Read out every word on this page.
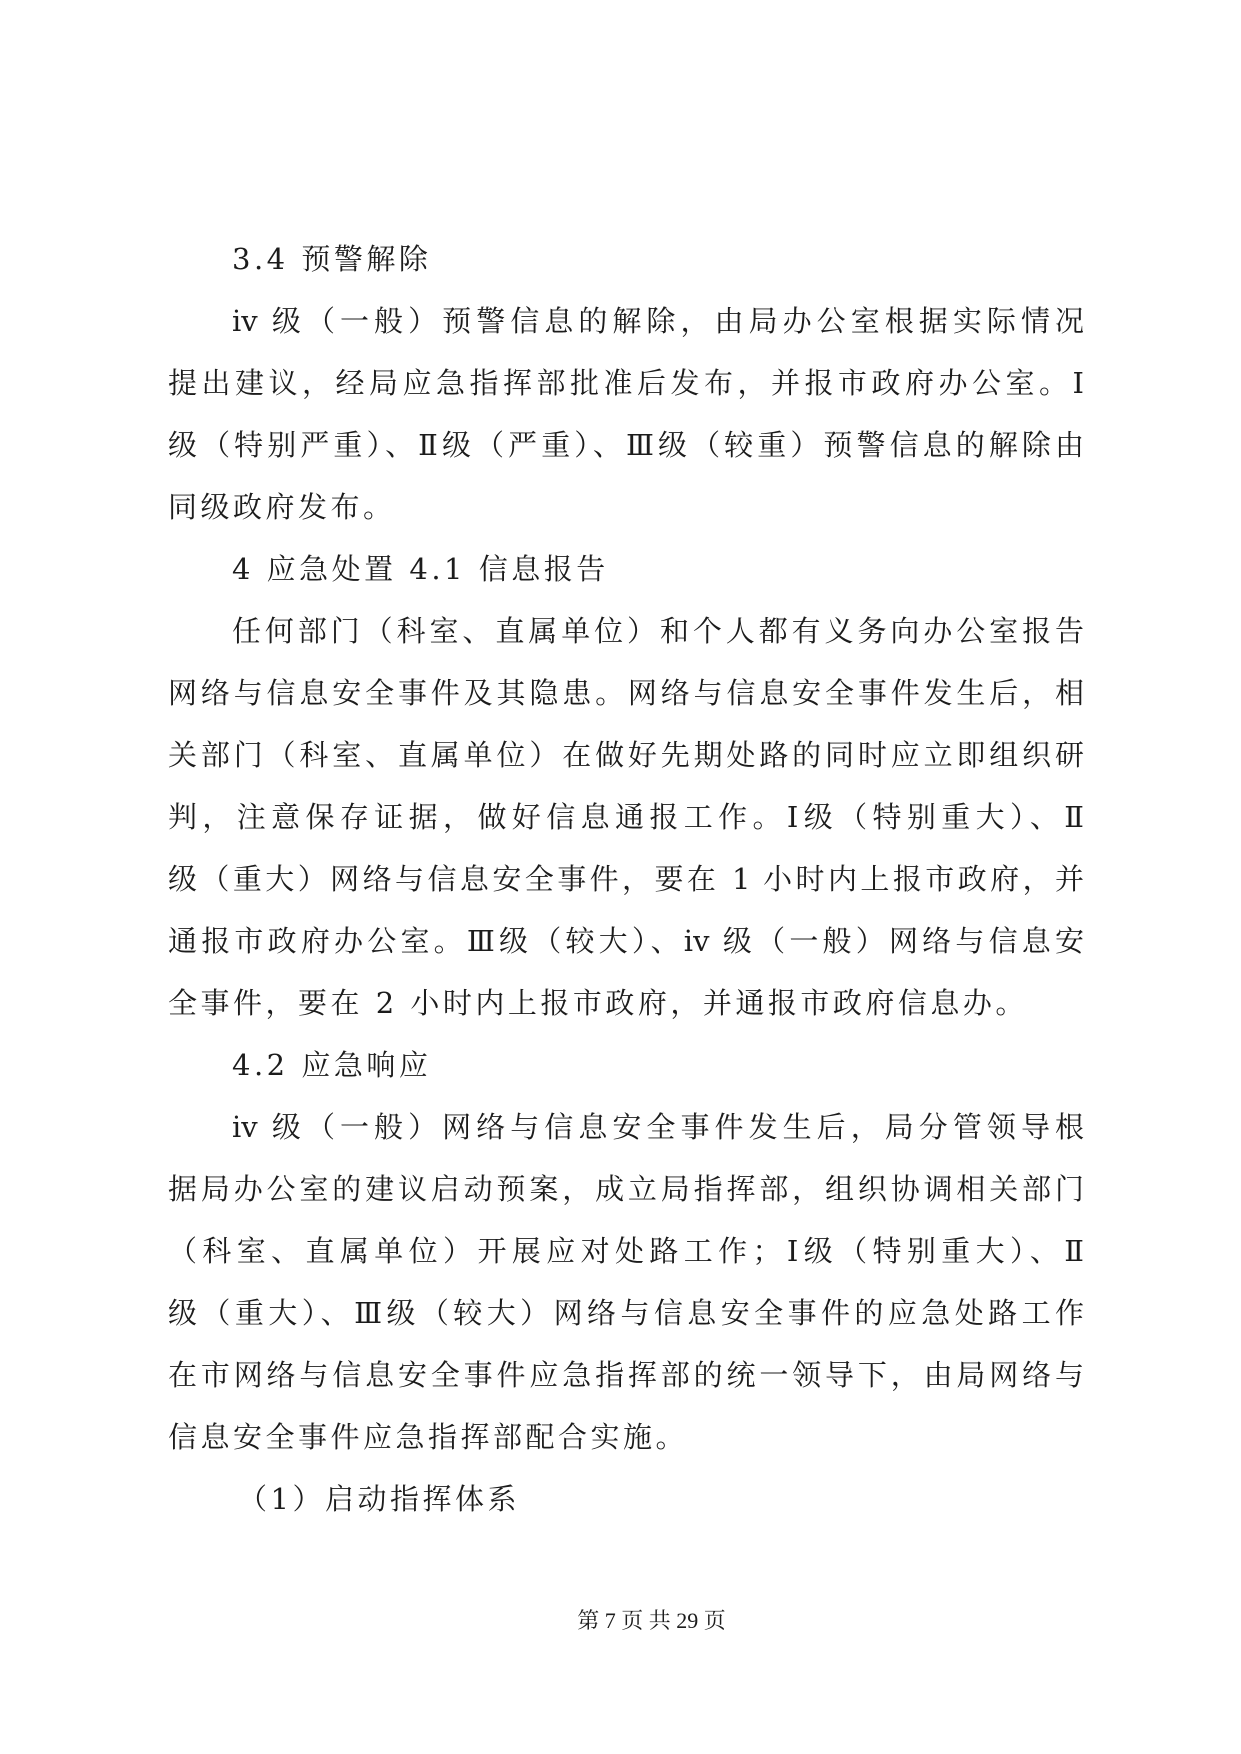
3.4 预警解除
iv 级（一般）预警信息的解除，由局办公室根据实际情况
提出建议，经局应急指挥部批准后发布，并报市政府办公室。Ⅰ
级（特别严重）、Ⅱ级（严重）、Ⅲ级（较重）预警信息的解除由
同级政府发布。
4 应急处置 4.1 信息报告
任何部门（科室、直属单位）和个人都有义务向办公室报告
网络与信息安全事件及其隐患。网络与信息安全事件发生后，相
关部门（科室、直属单位）在做好先期处路的同时应立即组织研
判，注意保存证据，做好信息通报工作。Ⅰ级（特别重大）、Ⅱ
级（重大）网络与信息安全事件，要在 1 小时内上报市政府，并
通报市政府办公室。Ⅲ级（较大）、iv 级（一般）网络与信息安
全事件，要在 2 小时内上报市政府，并通报市政府信息办。
4.2 应急响应
iv 级（一般）网络与信息安全事件发生后，局分管领导根
据局办公室的建议启动预案，成立局指挥部，组织协调相关部门
（科室、直属单位）开展应对处路工作；Ⅰ级（特别重大）、Ⅱ
级（重大）、Ⅲ级（较大）网络与信息安全事件的应急处路工作
在市网络与信息安全事件应急指挥部的统一领导下，由局网络与
信息安全事件应急指挥部配合实施。
（1）启动指挥体系
第 7 页 共 29 页
